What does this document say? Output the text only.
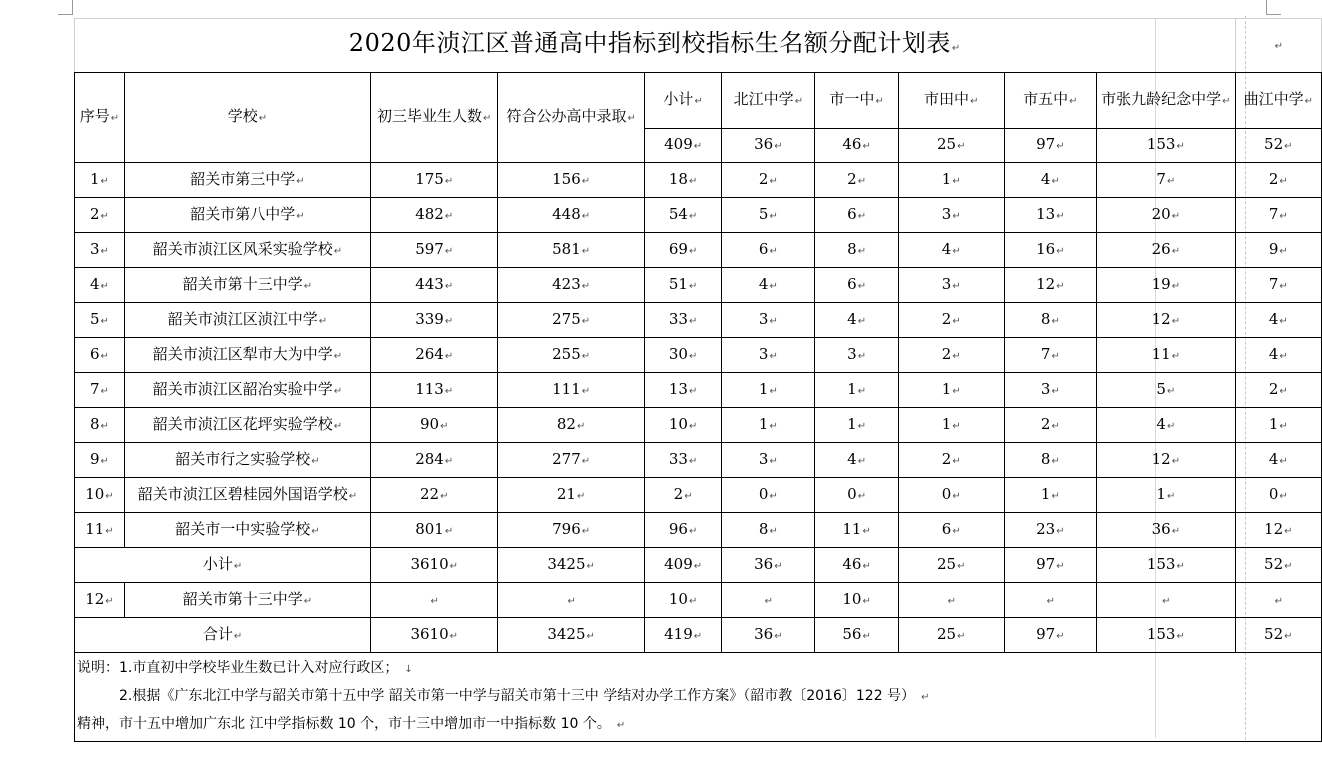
2020年浈江区普通高中指标到校指标生名额分配计划表↵										↵
序号↵	学校↵	初三毕业生人数↵	符合公办高中录取↵	小计↵	北江中学↵	市一中↵	市田中↵	市五中↵	市张九龄纪念中学↵	曲江中学↵
				409↵	36↵	46↵	25↵	97↵	153↵	52↵
1↵	韶关市第三中学↵	175↵	156↵	18↵	2↵	2↵	1↵	4↵	7↵	2↵
2↵	韶关市第八中学↵	482↵	448↵	54↵	5↵	6↵	3↵	13↵	20↵	7↵
3↵	韶关市浈江区风采实验学校↵	597↵	581↵	69↵	6↵	8↵	4↵	16↵	26↵	9↵
4↵	韶关市第十三中学↵	443↵	423↵	51↵	4↵	6↵	3↵	12↵	19↵	7↵
5↵	韶关市浈江区浈江中学↵	339↵	275↵	33↵	3↵	4↵	2↵	8↵	12↵	4↵
6↵	韶关市浈江区犁市大为中学↵	264↵	255↵	30↵	3↵	3↵	2↵	7↵	11↵	4↵
7↵	韶关市浈江区韶冶实验中学↵	113↵	111↵	13↵	1↵	1↵	1↵	3↵	5↵	2↵
8↵	韶关市浈江区花坪实验学校↵	90↵	82↵	10↵	1↵	1↵	1↵	2↵	4↵	1↵
9↵	韶关市行之实验学校↵	284↵	277↵	33↵	3↵	4↵	2↵	8↵	12↵	4↵
10↵	韶关市浈江区碧桂园外国语学校↵	22↵	21↵	2↵	0↵	0↵	0↵	1↵	1↵	0↵
11↵	韶关市一中实验学校↵	801↵	796↵	96↵	8↵	11↵	6↵	23↵	36↵	12↵
小计↵		3610↵	3425↵	409↵	36↵	46↵	25↵	97↵	153↵	52↵
12↵	韶关市第十三中学↵	↵	↵	10↵	↵	10↵	↵	↵	↵	↵
合计↵		3610↵	3425↵	419↵	36↵	56↵	25↵	97↵	153↵	52↵

说明：1.市直初中学校毕业生数已计入对应行政区； ↓
　　　2.根据《广东北江中学与韶关市第十五中学 韶关市第一中学与韶关市第十三中 学结对办学工作方案》（韶市教〔2016〕122 号） ↵
精神，市十五中增加广东北 江中学指标数 10 个，市十三中增加市一中指标数 10 个。 ↵										
